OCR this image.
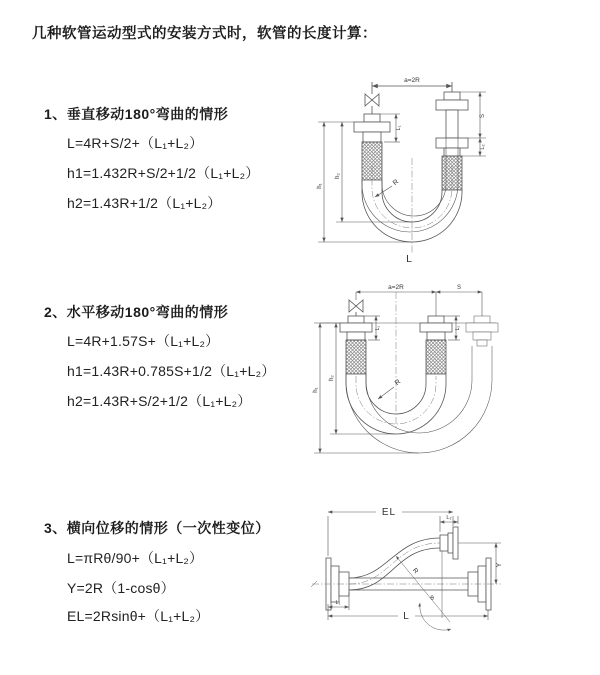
几种软管运动型式的安装方式时，软管的长度计算：
1、垂直移动180°弯曲的情形
L=4R+S/2+（L₁+L₂）
h1=1.432R+S/2+1/2（L₁+L₂）
h2=1.43R+1/2（L₁+L₂）
2、水平移动180°弯曲的情形
L=4R+1.57S+（L₁+L₂）
h1=1.43R+0.785S+1/2（L₁+L₂）
h2=1.43R+S/2+1/2（L₁+L₂）
3、横向位移的情形（一次性变位）
L=πRθ/90+（L₁+L₂）
Y=2R（1-cosθ）
EL=2Rsinθ+（L₁+L₂）
a=2R
L₁
S
L₂
h₂
h₁	R
L
a=2R	S
L₁	L₂
h₂
h₁
R
EL	L₂
Y
R
θ
L
L₁
